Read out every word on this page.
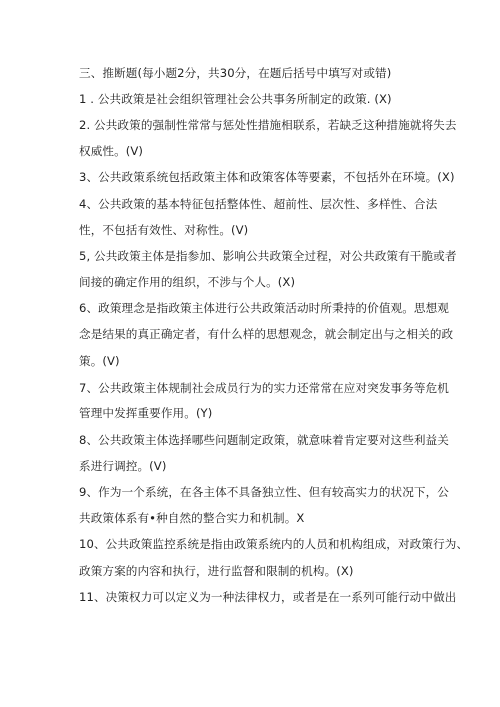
三、推断题(每小题2分，共30分，在题后括号中填写对或错)
1 . 公共政策是社会组织管理社会公共事务所制定的政策. (X)
2. 公共政策的强制性常常与惩处性措施相联系，若缺乏这种措施就将失去
权威性。(V)
3、公共政策系统包括政策主体和政策客体等要素，不包括外在环境。(X)
4、公共政策的基本特征包括整体性、超前性、层次性、多样性、合法
性，不包括有效性、对称性。(V)
5, 公共政策主体是指参加、影响公共政策全过程，对公共政策有干脆或者
间接的确定作用的组织，不涉与个人。(X)
6、政策理念是指政策主体进行公共政策活动时所秉持的价值观。思想观
念是结果的真正确定者，有什么样的思想观念，就会制定出与之相关的政
策。(V)
7、公共政策主体规制社会成员行为的实力还常常在应对突发事务等危机
管理中发挥重要作用。(Y)
8、公共政策主体选择哪些问题制定政策，就意味着肯定要对这些利益关
系进行调控。(V)
9、作为一个系统，在各主体不具备独立性、但有较高实力的状况下，公
共政策体系有•种自然的整合实力和机制。X
10、公共政策监控系统是指由政策系统内的人员和机构组成，对政策行为、
政策方案的内容和执行，进行监督和限制的机构。(X)
11、决策权力可以定义为一种法律权力，或者是在一系列可能行动中做出
